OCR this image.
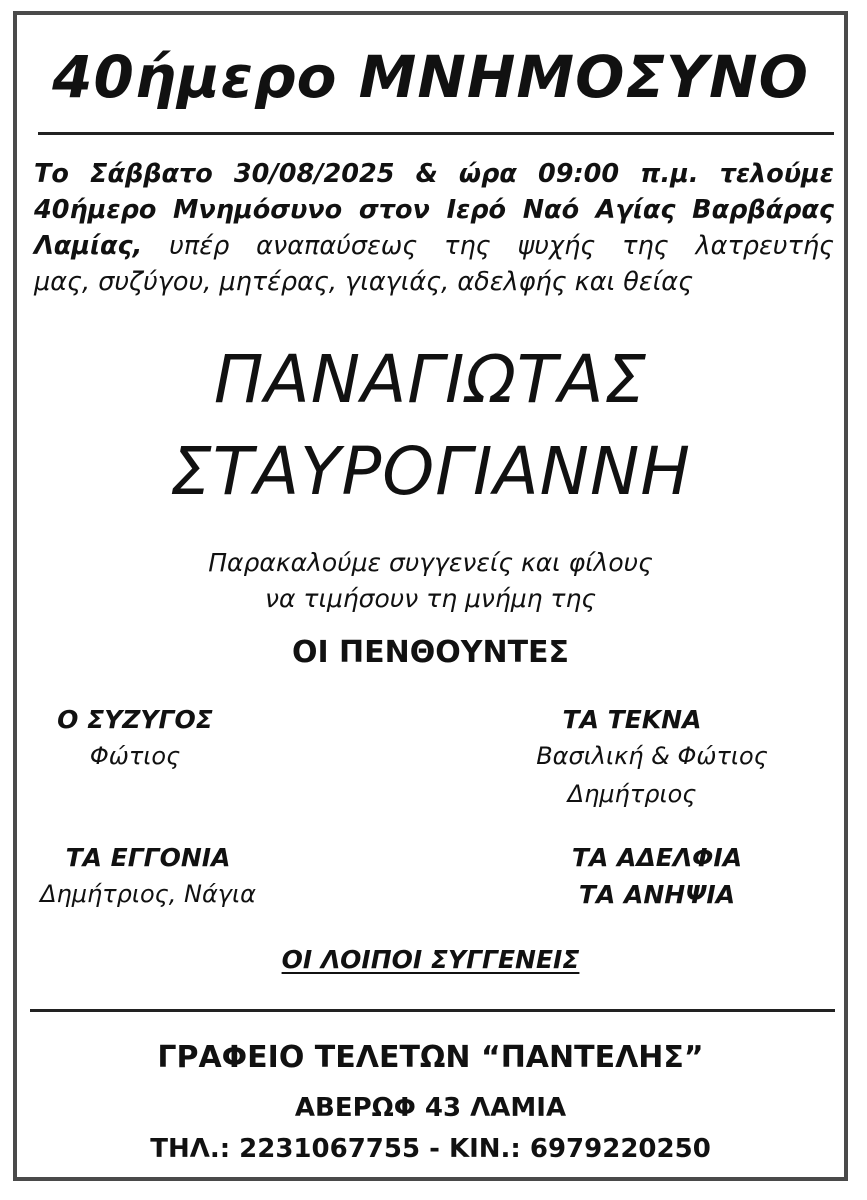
40ήμερο ΜΝΗΜΟΣΥΝΟ
Το Σάββατο 30/08/2025 & ώρα 09:00 π.μ. τελούμε
40ήμερο Μνημόσυνο στον Ιερό Ναό Αγίας Βαρβάρας
Λαμίας, υπέρ αναπαύσεως της ψυχής της λατρευτής
μας, συζύγου, μητέρας, γιαγιάς, αδελφής και θείας
ΠΑΝΑΓΙΩΤΑΣ
ΣΤΑΥΡΟΓΙΑΝΝΗ
Παρακαλούμε συγγενείς και φίλους
να τιμήσουν τη μνήμη της
ΟΙ ΠΕΝΘΟΥΝΤΕΣ
Ο ΣΥΖΥΓΟΣ
Φώτιος
ΤΑ ΤΕΚΝΑ
Βασιλική & Φώτιος
Δημήτριος
ΤΑ ΕΓΓΟΝΙΑ
Δημήτριος, Νάγια
ΤΑ ΑΔΕΛΦΙΑ
ΤΑ ΑΝΗΨΙΑ
ΟΙ ΛΟΙΠΟΙ ΣΥΓΓΕΝΕΙΣ
ΓΡΑΦΕΙΟ ΤΕΛΕΤΩΝ “ΠΑΝΤΕΛΗΣ”
ΑΒΕΡΩΦ 43 ΛΑΜΙΑ
ΤΗΛ.: 2231067755 - ΚΙΝ.: 6979220250
